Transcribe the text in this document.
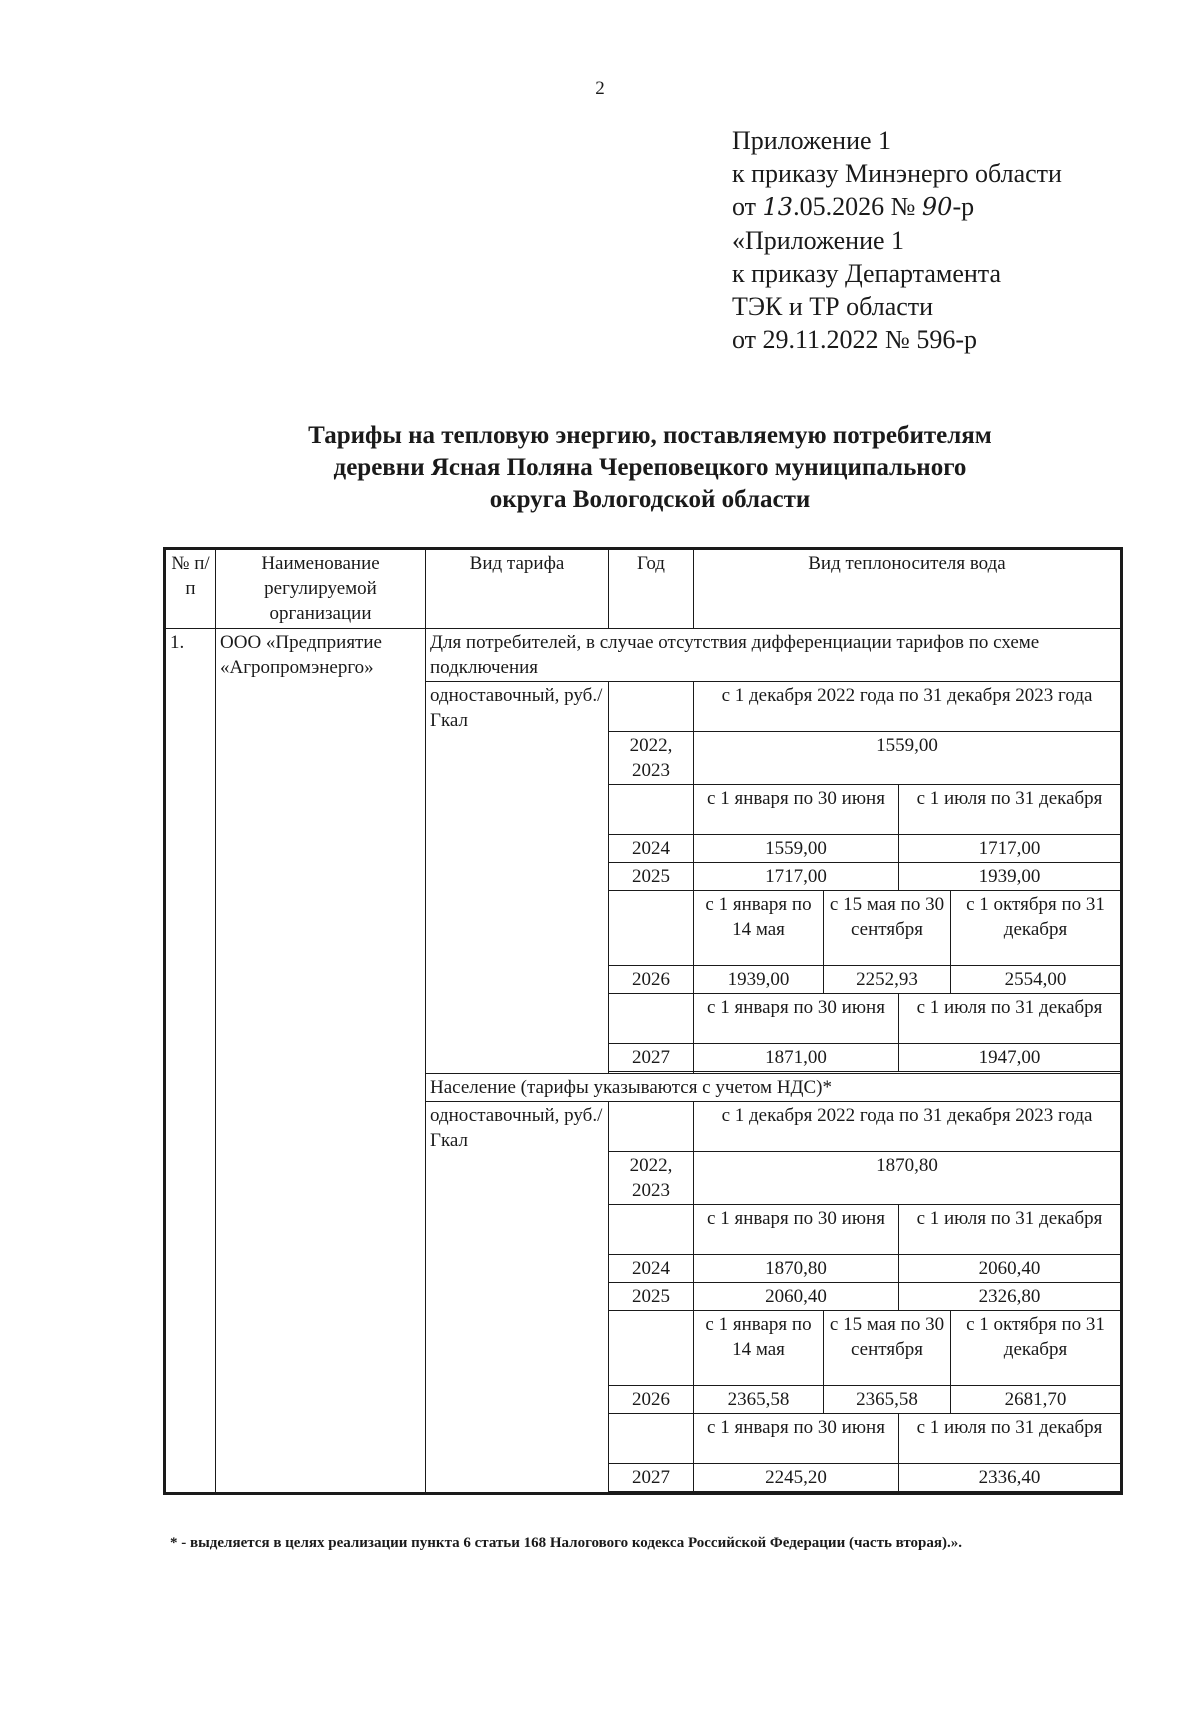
2
Приложение 1
к приказу Минэнерго области
от 13.05.2026 № 90-р
«Приложение 1
к приказу Департамента
ТЭК и ТР области
от 29.11.2022 № 596-р
Тарифы на тепловую энергию, поставляемую потребителям
деревни Ясная Поляна Череповецкого муниципального
округа Вологодской области
№ п/п	Наименование регулируемой организации	Вид тарифа	Год	Вид теплоносителя вода			
1.	ООО «Предприятие «Агропромэнерго»	Для потребителей, в случае отсутствия дифференциации тарифов по схеме подключения					
		одноставочный, руб./Гкал		с 1 декабря 2022 года по 31 декабря 2023 года			
			2022, 2023	1559,00			
				с 1 января по 30 июня		с 1 июля по 31 декабря	
			2024	1559,00		1717,00	
			2025	1717,00		1939,00	
				с 1 января по 14 мая	с 15 мая по 30 сентября		с 1 октября по 31 декабря
			2026	1939,00	2252,93		2554,00
				с 1 января по 30 июня		с 1 июля по 31 декабря	
			2027	1871,00		1947,00	

		Население (тарифы указываются с учетом НДС)*					
		одноставочный, руб./Гкал		с 1 декабря 2022 года по 31 декабря 2023 года			
			2022, 2023	1870,80			
				с 1 января по 30 июня		с 1 июля по 31 декабря	
			2024	1870,80		2060,40	
			2025	2060,40		2326,80	
				с 1 января по 14 мая	с 15 мая по 30 сентября		с 1 октября по 31 декабря
			2026	2365,58	2365,58		2681,70
				с 1 января по 30 июня		с 1 июля по 31 декабря	
			2027	2245,20		2336,40	

* - выделяется в целях реализации пункта 6 статьи 168 Налогового кодекса Российской Федерации (часть вторая).».
